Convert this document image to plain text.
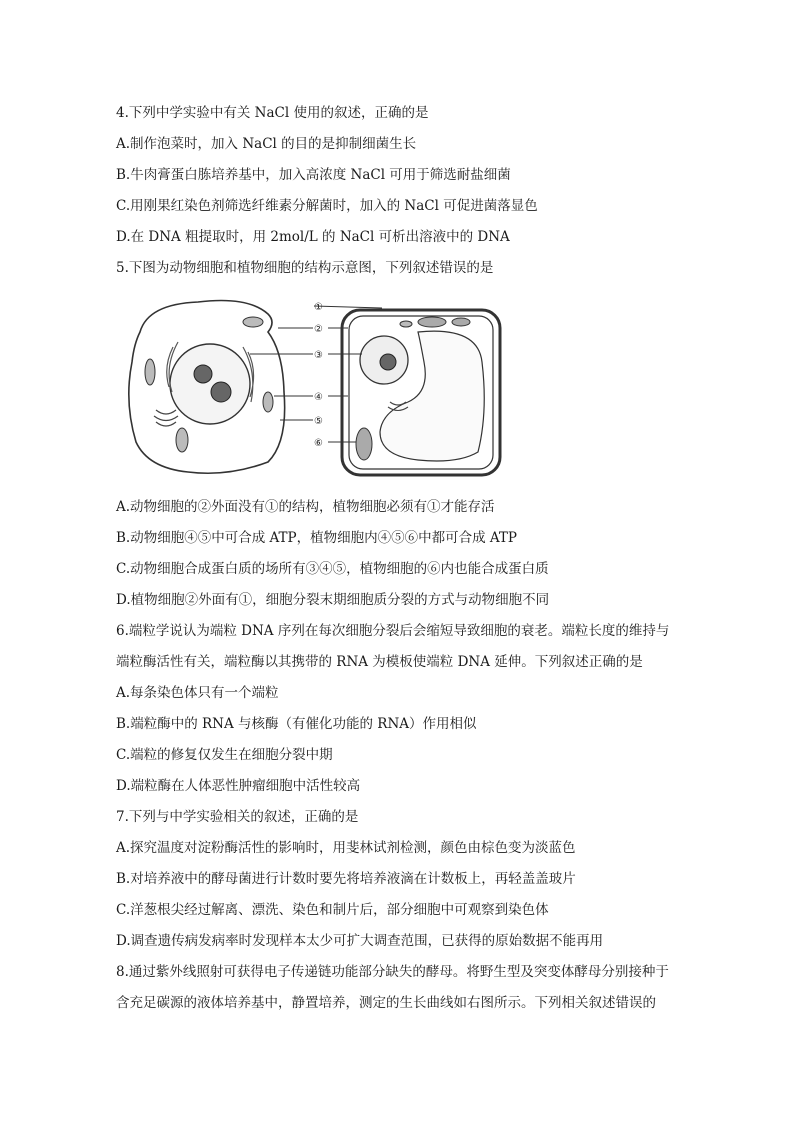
4.下列中学实验中有关 NaCl 使用的叙述，正确的是
A.制作泡菜时，加入 NaCl 的目的是抑制细菌生长
B.牛肉膏蛋白胨培养基中，加入高浓度 NaCl 可用于筛选耐盐细菌
C.用刚果红染色剂筛选纤维素分解菌时，加入的 NaCl 可促进菌落显色
D.在 DNA 粗提取时，用 2mol/L 的 NaCl 可析出溶液中的 DNA
5.下图为动物细胞和植物细胞的结构示意图，下列叙述错误的是
①
②
③
④
⑤
⑥
A.动物细胞的②外面没有①的结构，植物细胞必须有①才能存活
B.动物细胞④⑤中可合成 ATP，植物细胞内④⑤⑥中都可合成 ATP
C.动物细胞合成蛋白质的场所有③④⑤，植物细胞的⑥内也能合成蛋白质
D.植物细胞②外面有①，细胞分裂末期细胞质分裂的方式与动物细胞不同
6.端粒学说认为端粒 DNA 序列在每次细胞分裂后会缩短导致细胞的衰老。端粒长度的维持与
端粒酶活性有关，端粒酶以其携带的 RNA 为模板使端粒 DNA 延伸。下列叙述正确的是
A.每条染色体只有一个端粒
B.端粒酶中的 RNA 与核酶（有催化功能的 RNA）作用相似
C.端粒的修复仅发生在细胞分裂中期
D.端粒酶在人体恶性肿瘤细胞中活性较高
7.下列与中学实验相关的叙述，正确的是
A.探究温度对淀粉酶活性的影响时，用斐林试剂检测，颜色由棕色变为淡蓝色
B.对培养液中的酵母菌进行计数时要先将培养液滴在计数板上，再轻盖盖玻片
C.洋葱根尖经过解离、漂洗、染色和制片后，部分细胞中可观察到染色体
D.调查遗传病发病率时发现样本太少可扩大调查范围，已获得的原始数据不能再用
8.通过紫外线照射可获得电子传递链功能部分缺失的酵母。将野生型及突变体酵母分别接种于
含充足碳源的液体培养基中，静置培养，测定的生长曲线如右图所示。下列相关叙述错误的
